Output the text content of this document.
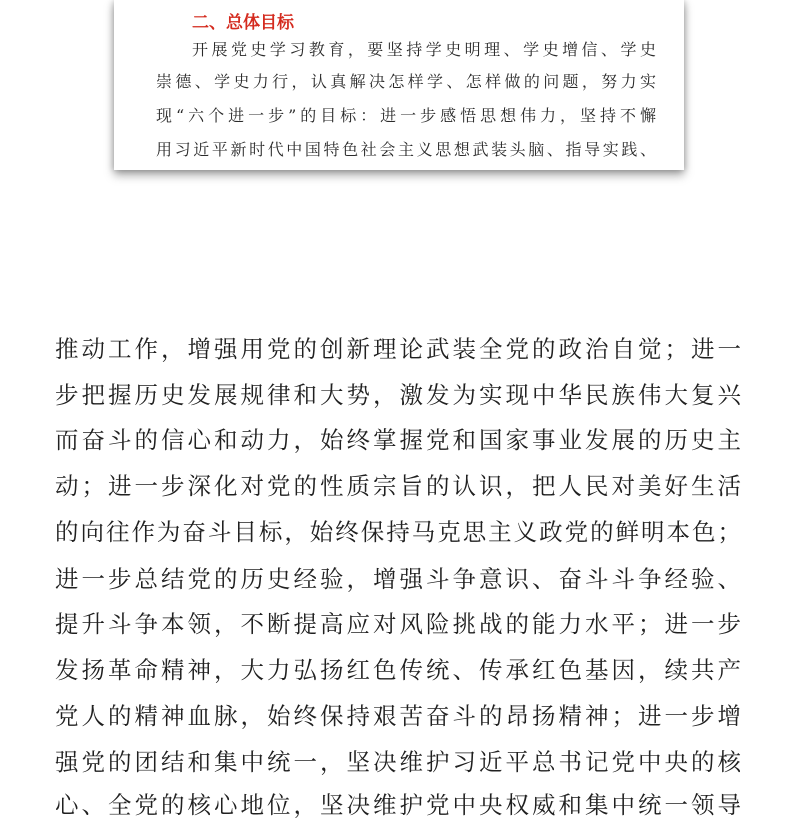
二、总体目标
开展党史学习教育，要坚持学史明理、学史增信、学史
崇德、学史力行，认真解决怎样学、怎样做的问题，努力实
现“六个进一步”的目标：进一步感悟思想伟力，坚持不懈
用习近平新时代中国特色社会主义思想武装头脑、指导实践、
推动工作，增强用党的创新理论武装全党的政治自觉；进一
步把握历史发展规律和大势，激发为实现中华民族伟大复兴
而奋斗的信心和动力，始终掌握党和国家事业发展的历史主
动；进一步深化对党的性质宗旨的认识，把人民对美好生活
的向往作为奋斗目标，始终保持马克思主义政党的鲜明本色；
进一步总结党的历史经验，增强斗争意识、奋斗斗争经验、
提升斗争本领，不断提高应对风险挑战的能力水平；进一步
发扬革命精神，大力弘扬红色传统、传承红色基因，续共产
党人的精神血脉，始终保持艰苦奋斗的昂扬精神；进一步增
强党的团结和集中统一，坚决维护习近平总书记党中央的核
心、全党的核心地位，坚决维护党中央权威和集中统一领导
